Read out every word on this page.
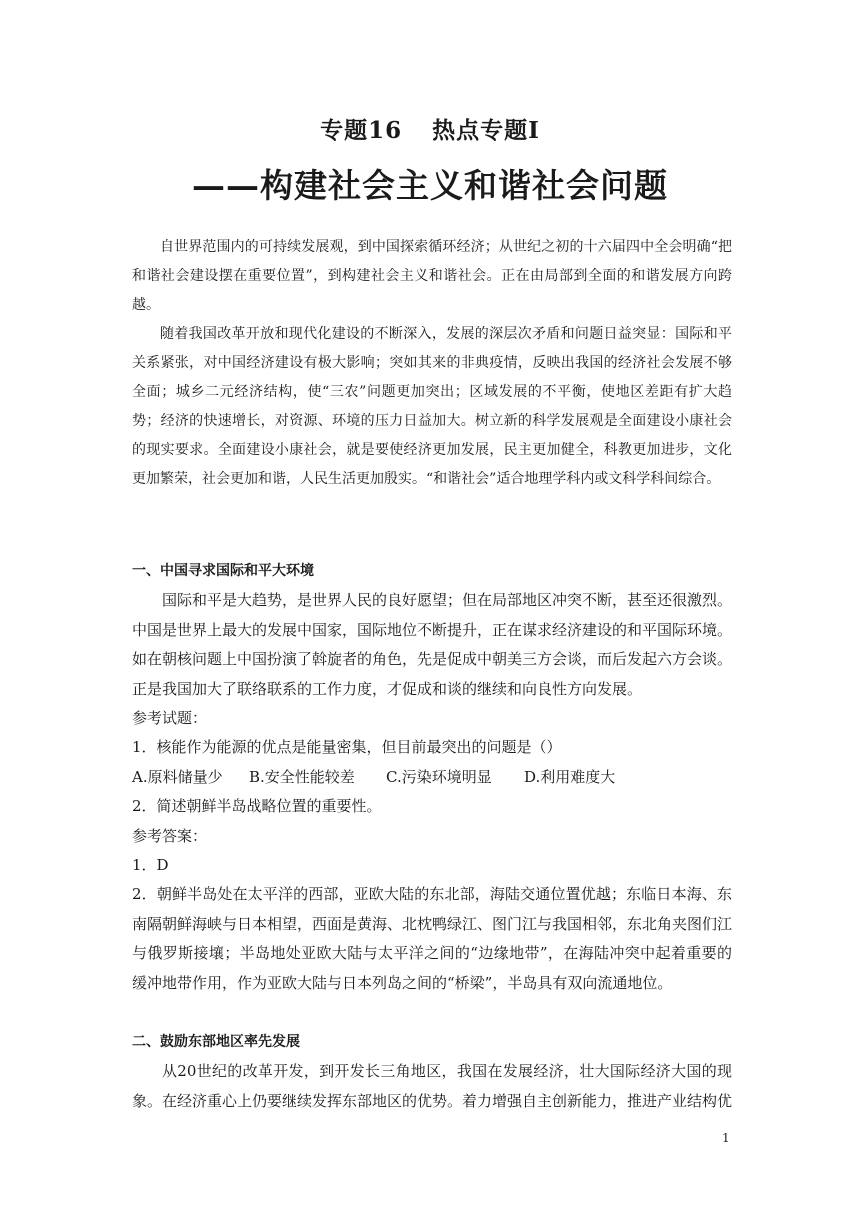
专题16 热点专题I
——构建社会主义和谐社会问题

自世界范围内的可持续发展观，到中国探索循环经济；从世纪之初的十六届四中全会明确“把和谐社会建设摆在重要位置”，到构建社会主义和谐社会。正在由局部到全面的和谐发展方向跨越。

随着我国改革开放和现代化建设的不断深入，发展的深层次矛盾和问题日益突显：国际和平关系紧张，对中国经济建设有极大影响；突如其来的非典疫情，反映出我国的经济社会发展不够全面；城乡二元经济结构，使“三农”问题更加突出；区域发展的不平衡，使地区差距有扩大趋势；经济的快速增长，对资源、环境的压力日益加大。树立新的科学发展观是全面建设小康社会的现实要求。全面建设小康社会，就是要使经济更加发展，民主更加健全，科教更加进步，文化更加繁荣，社会更加和谐，人民生活更加殷实。“和谐社会”适合地理学科内或文科学科间综合。

一、中国寻求国际和平大环境

国际和平是大趋势，是世界人民的良好愿望；但在局部地区冲突不断，甚至还很激烈。中国是世界上最大的发展中国家，国际地位不断提升，正在谋求经济建设的和平国际环境。如在朝核问题上中国扮演了斡旋者的角色，先是促成中朝美三方会谈，而后发起六方会谈。正是我国加大了联络联系的工作力度，才促成和谈的继续和向良性方向发展。

参考试题：

1．核能作为能源的优点是能量密集，但目前最突出的问题是（）

A.原料储量少 B.安全性能较差 C.污染环境明显 D.利用难度大

2．简述朝鲜半岛战略位置的重要性。

参考答案：

1．D

2．朝鲜半岛处在太平洋的西部，亚欧大陆的东北部，海陆交通位置优越；东临日本海、东南隔朝鲜海峡与日本相望，西面是黄海、北枕鸭绿江、图门江与我国相邻，东北角夹图们江与俄罗斯接壤；半岛地处亚欧大陆与太平洋之间的“边缘地带”，在海陆冲突中起着重要的缓冲地带作用，作为亚欧大陆与日本列岛之间的“桥梁”，半岛具有双向流通地位。

二、鼓励东部地区率先发展

从20世纪的改革开发，到开发长三角地区，我国在发展经济，壮大国际经济大国的现象。在经济重心上仍要继续发挥东部地区的优势。着力增强自主创新能力，推进产业结构优

1
